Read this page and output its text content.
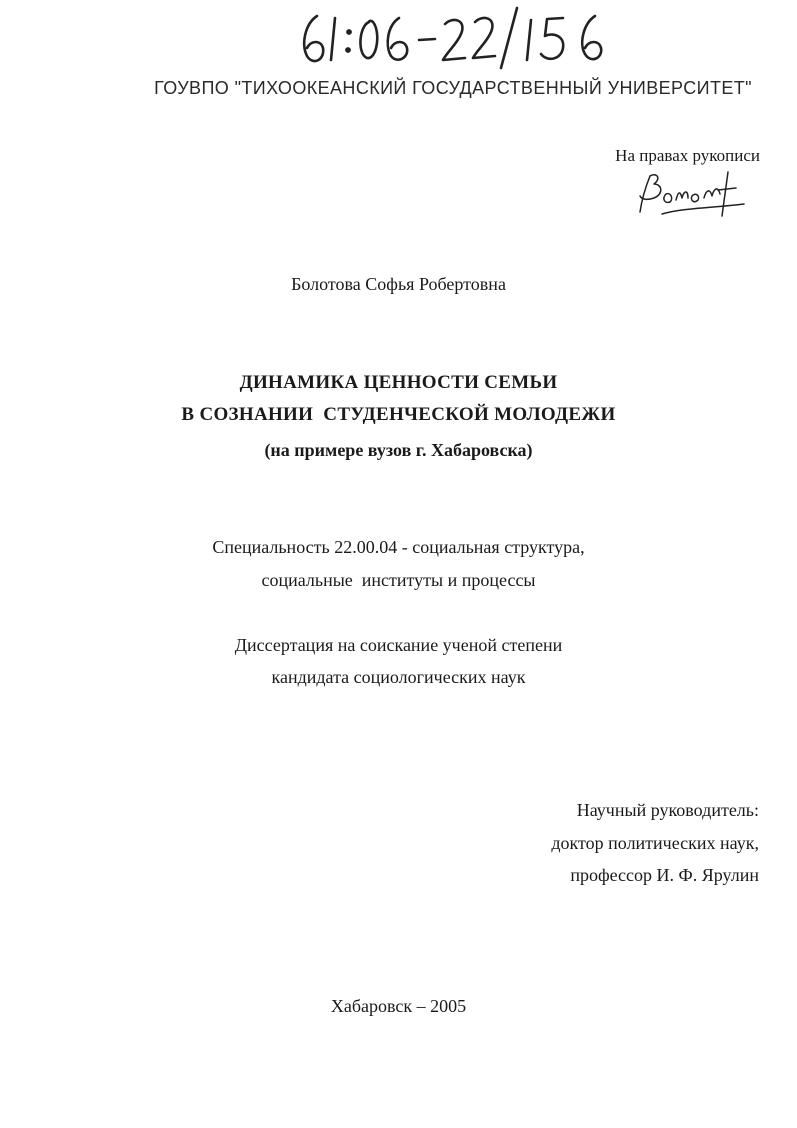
ГОУВПО "ТИХООКЕАНСКИЙ ГОСУДАРСТВЕННЫЙ УНИВЕРСИТЕТ"
На правах рукописи
Болотова Софья Робертовна
ДИНАМИКА ЦЕННОСТИ СЕМЬИ
В СОЗНАНИИ  СТУДЕНЧЕСКОЙ МОЛОДЕЖИ
(на примере вузов г. Хабаровска)
Специальность 22.00.04 - социальная структура,
социальные  институты и процессы
Диссертация на соискание ученой степени
кандидата социологических наук
Научный руководитель:
доктор политических наук,
профессор И. Ф. Ярулин
Хабаровск – 2005
